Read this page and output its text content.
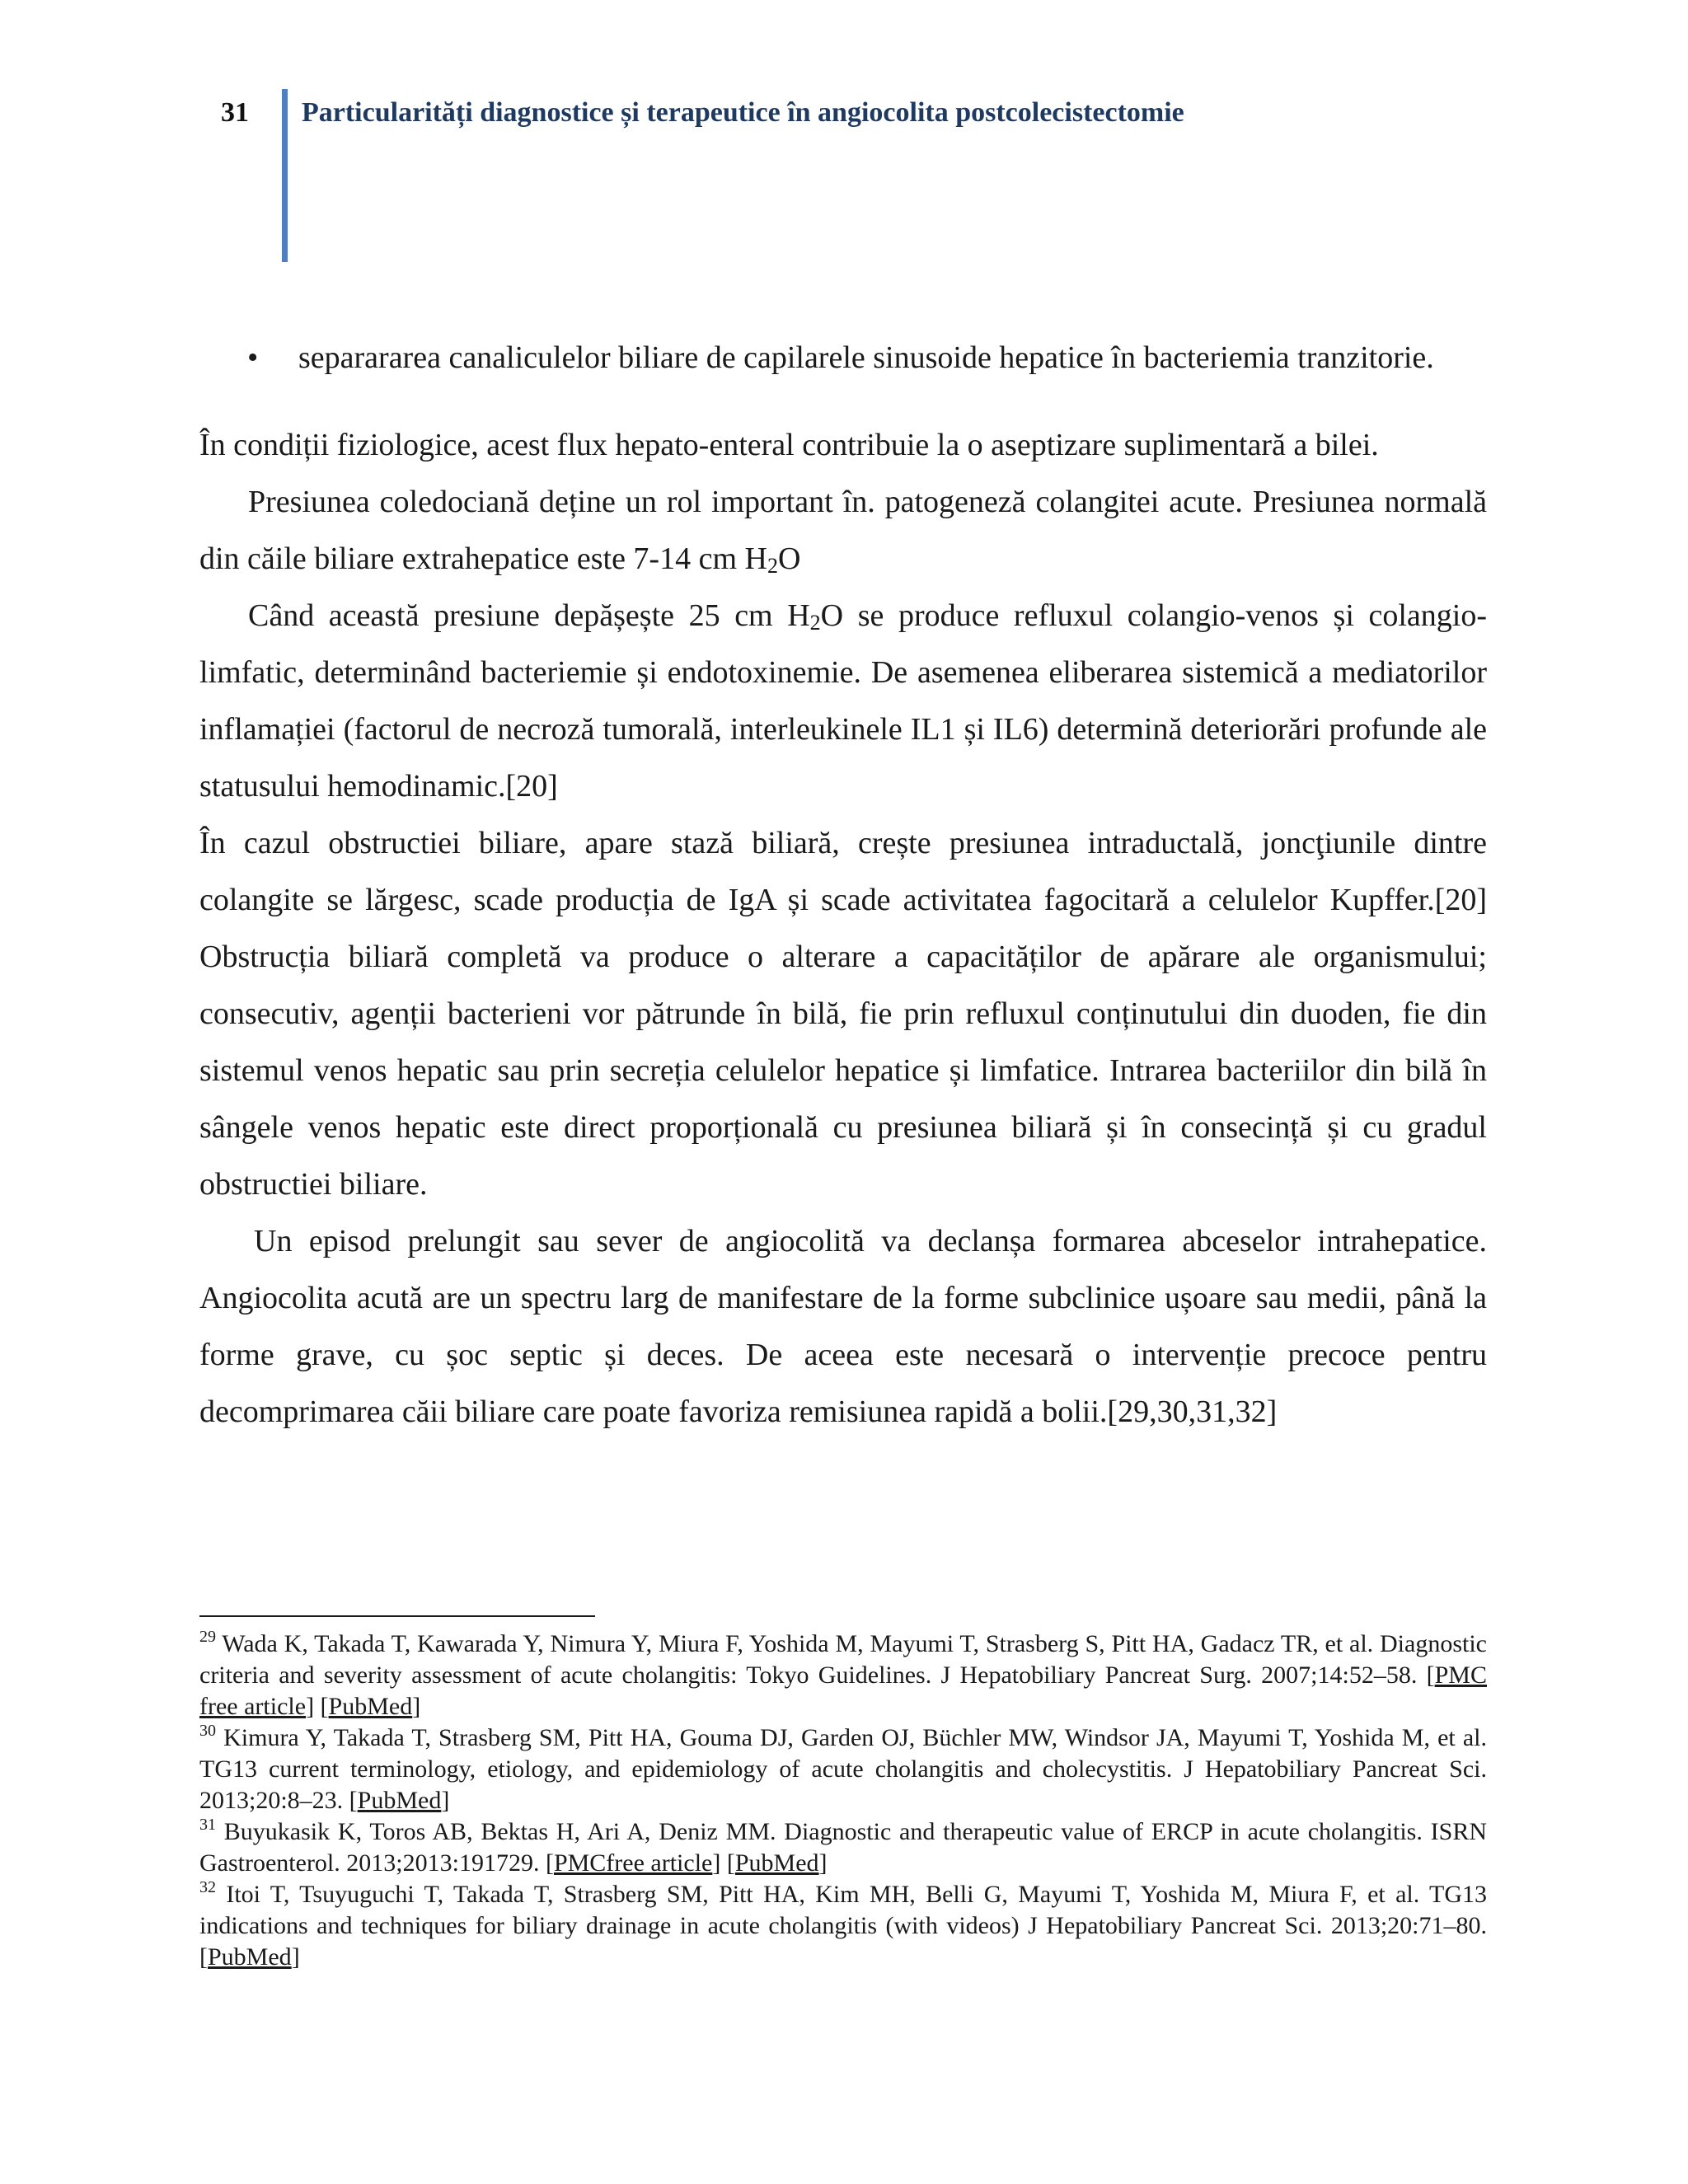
31 Particularități diagnostice și terapeutice în angiocolita postcolecistectomie

• separararea canaliculelor biliare de capilarele sinusoide hepatice în bacteriemia tranzitorie.

În condiții fiziologice, acest flux hepato-enteral contribuie la o aseptizare suplimentară a bilei.

Presiunea coledociană deține un rol important în. patogeneză colangitei acute. Presiunea normală din căile biliare extrahepatice este 7-14 cm $H_2O$

Când această presiune depășește 25 cm $H_2O$ se produce refluxul colangio-venos și colangio-limfatic, determinând bacteriemie și endotoxinemie. De asemenea eliberarea sistemică a mediatorilor inflamației (factorul de necroză tumorală, interleukinele IL1 și IL6) determină deteriorări profunde ale statusului hemodinamic.[20]

În cazul obstructiei biliare, apare stază biliară, crește presiunea intraductală, joncţiunile dintre colangite se lărgesc, scade producția de IgA și scade activitatea fagocitară a celulelor Kupffer.[20] Obstrucția biliară completă va produce o alterare a capacităților de apărare ale organismului; consecutiv, agenții bacterieni vor pătrunde în bilă, fie prin refluxul conținutului din duoden, fie din sistemul venos hepatic sau prin secreția celulelor hepatice și limfatice. Intrarea bacteriilor din bilă în sângele venos hepatic este direct proporțională cu presiunea biliară și în consecință și cu gradul obstructiei biliare.

Un episod prelungit sau sever de angiocolită va declanșa formarea abceselor intrahepatice. Angiocolita acută are un spectru larg de manifestare de la forme subclinice ușoare sau medii, până la forme grave, cu șoc septic și deces. De aceea este necesară o intervenție precoce pentru decomprimarea căii biliare care poate favoriza remisiunea rapidă a bolii.[29,30,31,32]

$^{29}$ Wada K, Takada T, Kawarada Y, Nimura Y, Miura F, Yoshida M, Mayumi T, Strasberg S, Pitt HA, Gadacz TR, et al. Diagnostic criteria and severity assessment of acute cholangitis: Tokyo Guidelines. J Hepatobiliary Pancreat Surg. 2007;14:52–58. [PMC free article] [PubMed]

$^{30}$ Kimura Y, Takada T, Strasberg SM, Pitt HA, Gouma DJ, Garden OJ, Büchler MW, Windsor JA, Mayumi T, Yoshida M, et al. TG13 current terminology, etiology, and epidemiology of acute cholangitis and cholecystitis. J Hepatobiliary Pancreat Sci. 2013;20:8–23. [PubMed]

$^{31}$ Buyukasik K, Toros AB, Bektas H, Ari A, Deniz MM. Diagnostic and therapeutic value of ERCP in acute cholangitis. ISRN Gastroenterol. 2013;2013:191729. [PMCfree article] [PubMed]

$^{32}$ Itoi T, Tsuyuguchi T, Takada T, Strasberg SM, Pitt HA, Kim MH, Belli G, Mayumi T, Yoshida M, Miura F, et al. TG13 indications and techniques for biliary drainage in acute cholangitis (with videos) J Hepatobiliary Pancreat Sci. 2013;20:71–80. [PubMed]
